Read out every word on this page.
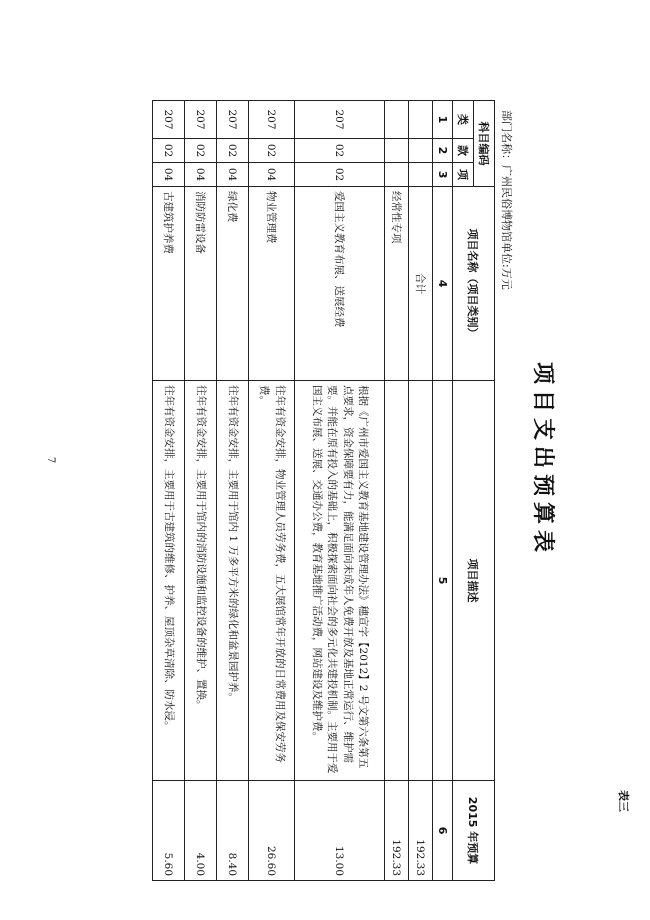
表三
项目支出预算表
部门名称：广州民俗博物馆单位:万元
科目编码			项目名称（项目类别）	项目描述	2015 年预算
类	款	项			
1	2	3	4	5	6
			合计		192.33
			经常性专项		192.33
207	02	02	爱国主义教育布展、送展经费	根据《广州市爱国主义教育基地建设管理办法》穗宣字【2012】2 号文第六条第五点要求，资金保障要有力，能满足面向未成年人免费开放及基地正常运行、维护需要。并能在原有投入的基础上，积极探索面向社会的多元化共建投机制。主要用于爱国主义布展、送展、交通办公费，教育基地推广活动费，网站建设及维护费。	13.00
207	02	04	物业管理费	往年有资金安排，物业管理人员劳务费，五大展馆常年开放的日常费用及保安劳务费。	26.60
207	02	04	绿化费	往年有资金安排，主要用于馆内 1 万多平方米的绿化和盆景园护养。	8.40
207	02	04	消防防雷设备	往年有资金安排，主要用于馆内的消防设施和监控设备的维护、置换。	4.00
207	02	04	古建筑护养费	往年有资金安排，主要用于古建筑的维修、护养、屋顶杂草清除、防水浸。	5.60
7
